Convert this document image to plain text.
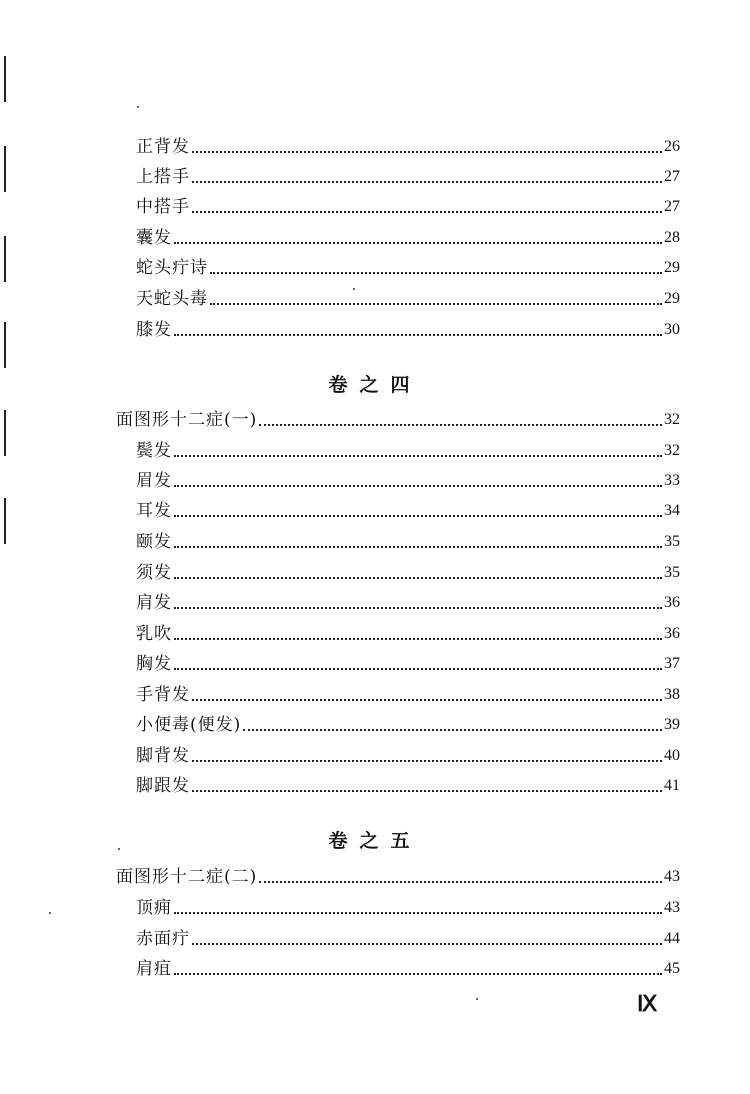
正背发	26
上搭手	27
中搭手	27
囊发	28
蛇头疔诗	29
天蛇头毒	29
膝发	30
卷之四
面图形十二症(一)	32
鬓发	32
眉发	33
耳发	34
颐发	35
须发	35
肩发	36
乳吹	36
胸发	37
手背发	38
小便毒(便发)	39
脚背发	40
脚跟发	41
卷之五
面图形十二症(二)	43
顶痈	43
赤面疔	44
肩疽	45
Ⅸ
